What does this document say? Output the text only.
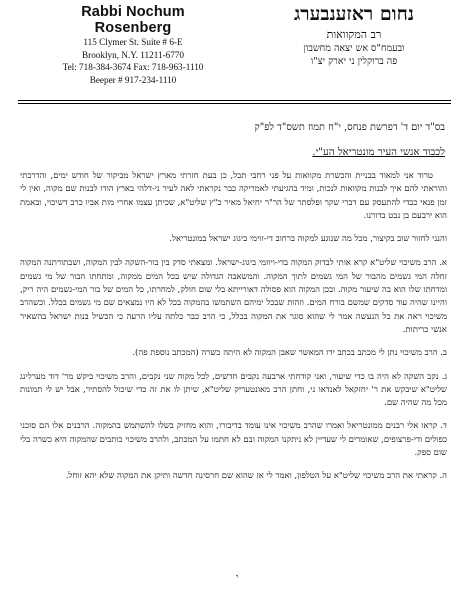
Rabbi Nochum Rosenberg
115 Clymer St. Suite # 6-E
Brooklyn, N.Y. 11211-6770
Tel: 718-384-3674 Fax: 718-963-1110
Beeper # 917-234-1110
נחום ראזענבערג
רב המקוואות
ובעמח"ס אש יצאה מחשבון
פה ברוקלין ני יארק יצ"ו
בס"ד יום ד' דפרשת פנחס, י"ח תמוז תשס"ד לפ"ק
לכבוד אנשי העיר מונטריאל הע"י.

טרוד אני למאוד בבניית והכשרת מקוואות על פני רחבי תבל, כן בעת חזרתי מארץ ישראל מביקור של חודש ימים, והדרכתי והוראתי להם איך לבנות מקוואות לנכות, ומיד בהגיעתי לאמריקה כבר נקראתי לאה לעיר ני-דלהי בארץ הודו לבנות שם מקוה, ואין לי זמן פנאי כבדי להתעסק עם דברי שקר ופלסתר של הר"ר יחיאל מאיר כ"ץ שליט"א, שכיתן עצמו אחרי מות אביו כרב דשיכוי, ובאמת הוא ירבעם בן נבט בדורנו.

והנני לחזור שוב בקיצור, מכל מה שנוגע למקוה ברחוב די-זוימי ביגוג ישראל במונטריאל.

א. הרב משיכוי שליט"א קרא אותי לבדוק המקוה בדי-ויוזמי ביגוג-ישראל. ומצאתי סדק בין בור-השקה לבין המקוה, ושבתורתנה המקוה זחלה המי גשמים מהבור של המי גשמים לתוך המקוה. והמשאבה הגדולה שיש בכל המים ממקוה, ומתחתו הבור של מי גשמים ומדחתו שלו הוא בה שיעור מקוה. ובכן המקוה הוא פסולה דאורייתא בלי שום חולק, למחרתו, כל המים של בור המי-גשמים היה ריק, והיינו שהיה עוד סדקים שמשם בורח המים. וזהות שבכל ימיהם השתמשו בהמקוה בכל לא היו נמצאים שם מי גשמים בכלל. וכשהרב משיכוי ראה את כל הנעשה אמר לי שהוא סוגר את המקוה בכלל, כי הרב כבר כלתה עליו הרעה כי הכשיל בנות ישראל בהשאיר אנשי כריתות.

ב. הרב משיכוי נתן לי מכתב בכתב ידו המאשר שאבן המקוה לא היתה כשרה (המכתב נוספת פה).

ג. נקב השקה לא היה בו כדי שיעור, ואני קודחתי ארבעה נקבים חדשים, לכל מקוה שני נקבים, והרב משיכוי ביקש מר' דוד מערלינג שליט"א שיבקש את ר' יחזקאל לאנדאו ני, וחתן הרב מאונטעריק שליט"א, שיתן לו את זה כדי שיכול להסתיר, אבל יש לי תמונות מכל מה שהיה שם.

ד. קראו אלי רבנים ממונטריאל ואמרו שהרב משיכוי אינו עומד בדיבורו, והוא מחזיק בשלו להשתמש בהמקוה. הרבנים אלו הם סוכני כפולים ודי-פרצופים, שאומרים לי שעדיין לא ניתקנו המקוה ובם לא חתמו על המכתב, ולהרב משיכוי כותבים שהמקוה היא כשרה בלי שום ספק.

ה. קראתי את הרב משיכוי שליט"א על הטלפון, ואמר לי אז שהוא שם חרסינה חדשה ותיקן את המקוה שלא יהא זוחל.

י
